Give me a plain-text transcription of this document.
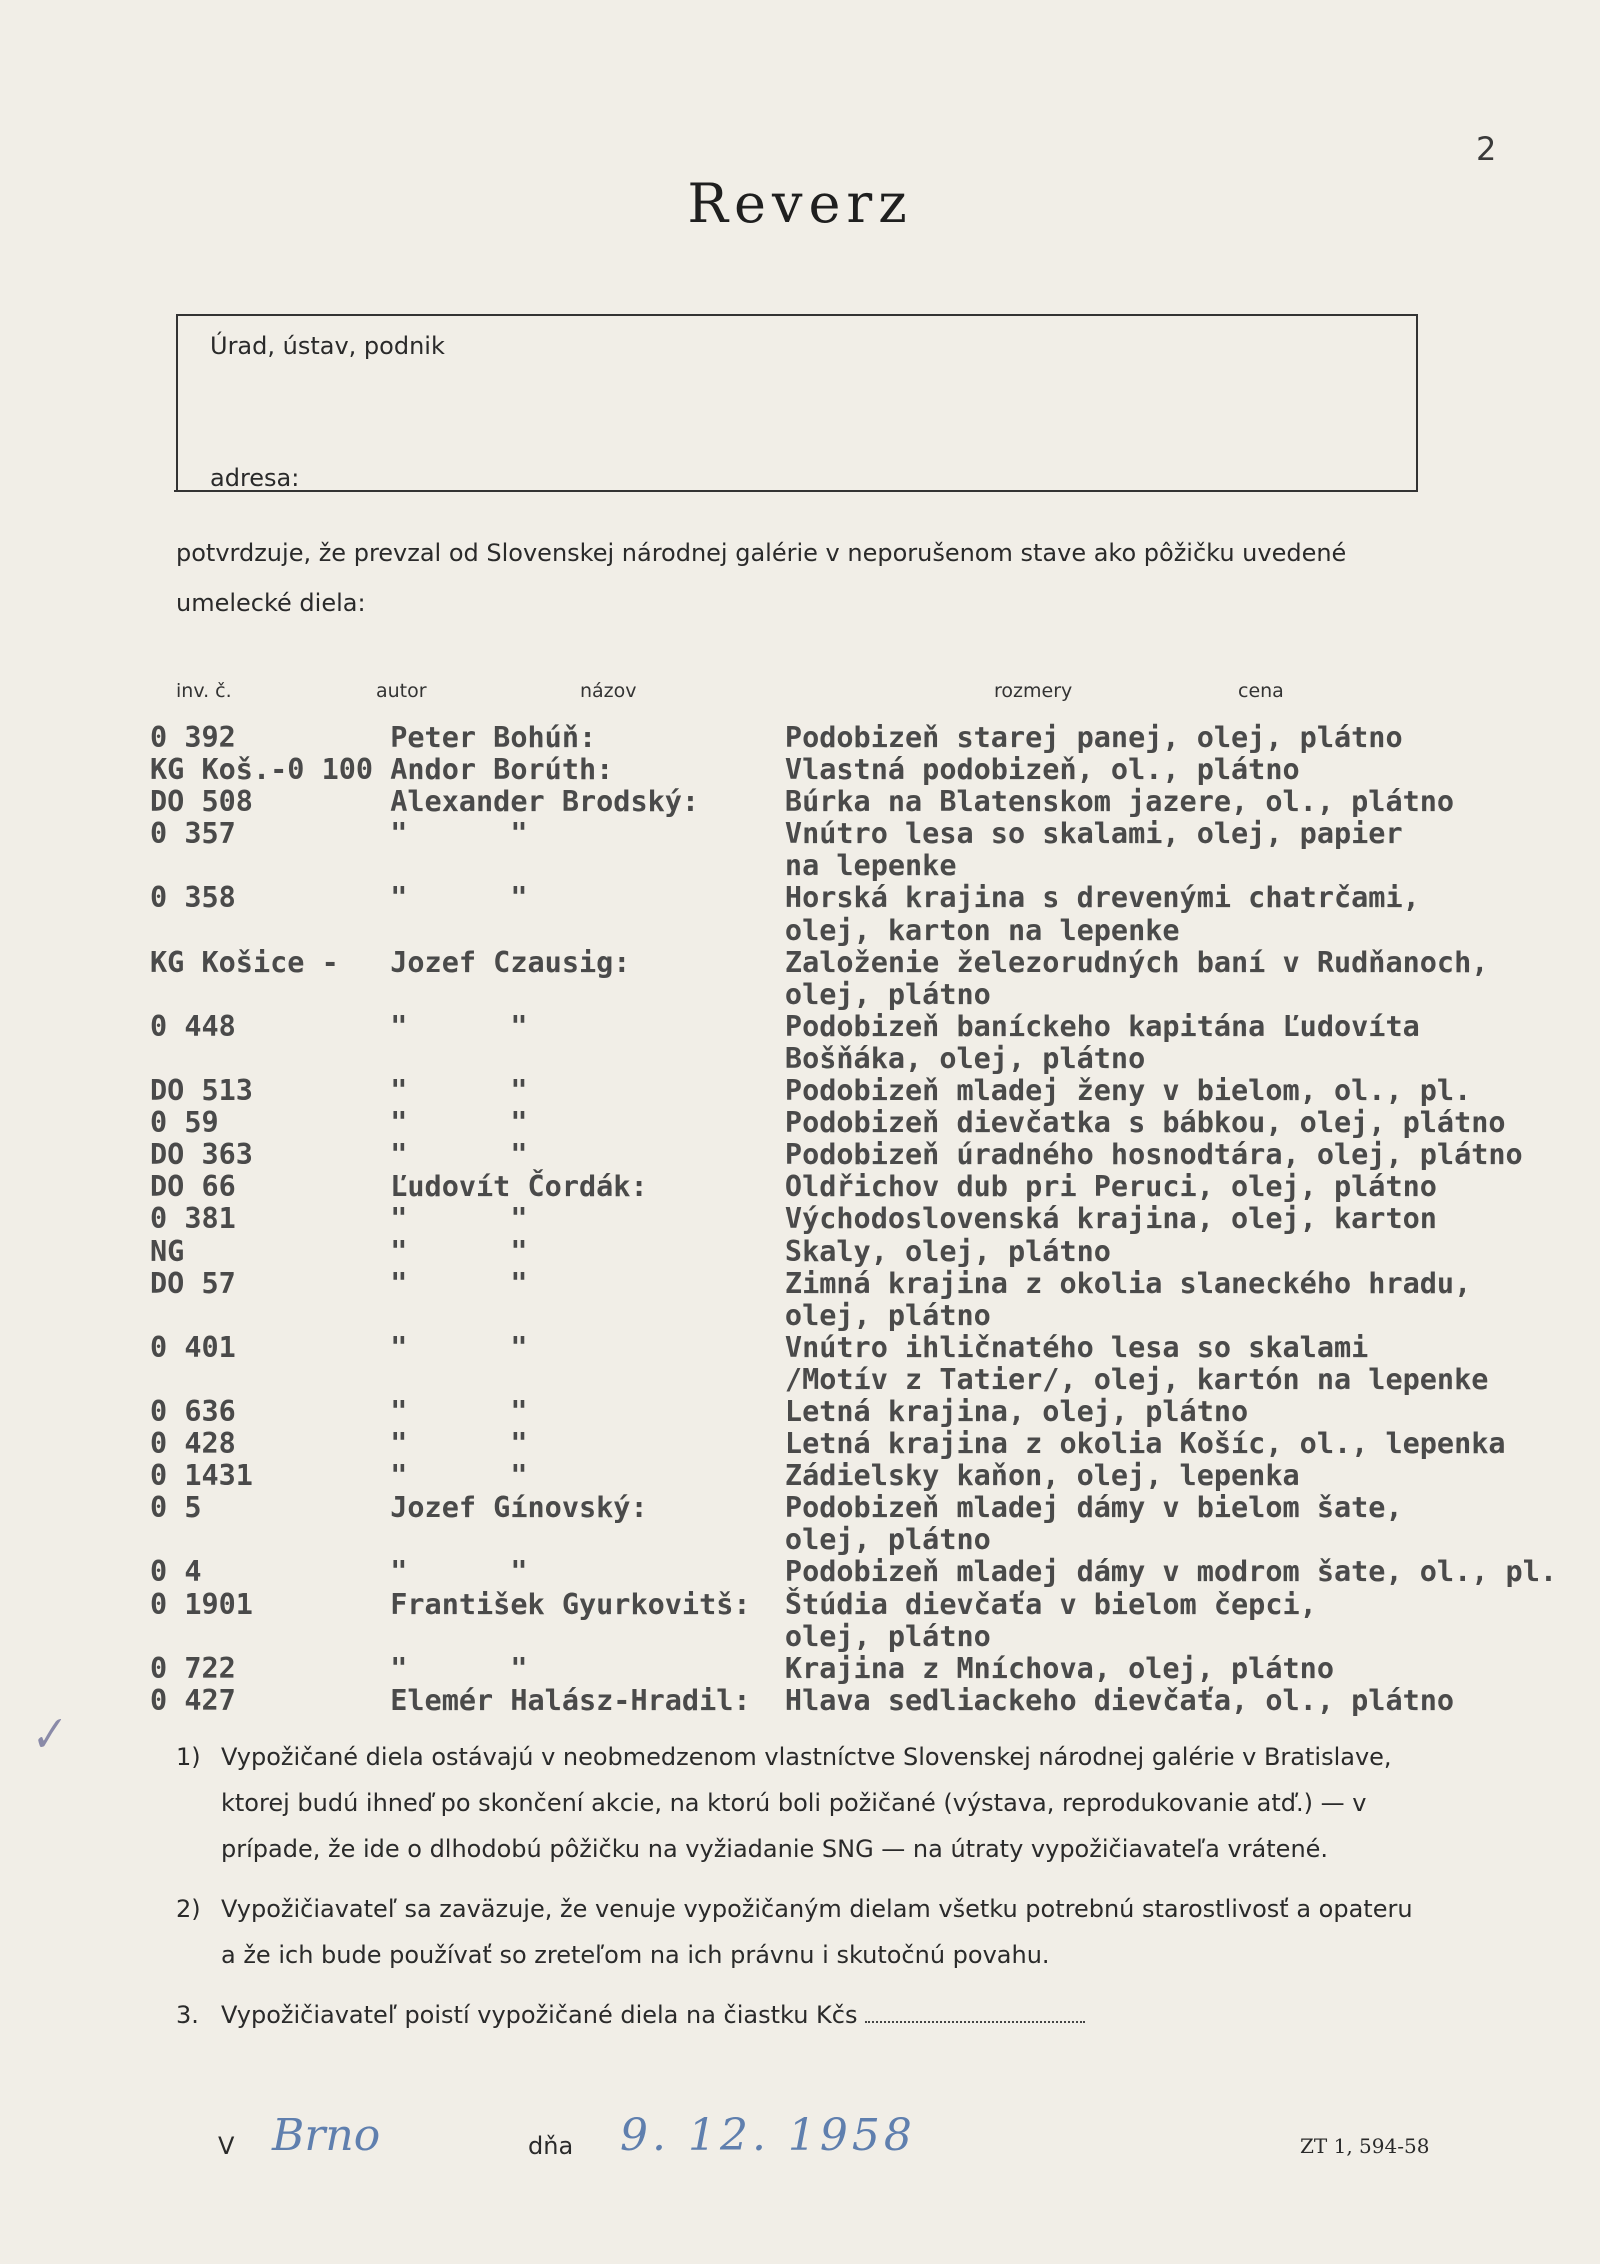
2
Reverz
Úrad, ústav, podnik
adresa:
potvrdzuje, že prevzal od Slovenskej národnej galérie v neporušenom stave ako pôžičku uvedené umelecké diela:
inv. č.	autor	názov	rozmery	cena
0 392         Peter Bohúň:           Podobizeň starej panej, olej, plátno
KG Koš.-0 100 Andor Borúth:          Vlastná podobizeň, ol., plátno
DO 508        Alexander Brodský:     Búrka na Blatenskom jazere, ol., plátno
0 357         "      "               Vnútro lesa so skalami, olej, papier
na lepenke
0 358         "      "               Horská krajina s drevenými chatrčami,
olej, karton na lepenke
KG Košice -   Jozef Czausig:         Založenie železorudných baní v Rudňanoch,
olej, plátno
0 448         "      "               Podobizeň baníckeho kapitána Ľudovíta
Bošňáka, olej, plátno
DO 513        "      "               Podobizeň mladej ženy v bielom, ol., pl.
0 59          "      "               Podobizeň dievčatka s bábkou, olej, plátno
DO 363        "      "               Podobizeň úradného hosnodtára, olej, plátno
DO 66         Ľudovít Čordák:        Oldřichov dub pri Peruci, olej, plátno
0 381         "      "               Východoslovenská krajina, olej, karton
NG            "      "               Skaly, olej, plátno
DO 57         "      "               Zimná krajina z okolia slaneckého hradu,
olej, plátno
0 401         "      "               Vnútro ihličnatého lesa so skalami
/Motív z Tatier/, olej, kartón na lepenke
0 636         "      "               Letná krajina, olej, plátno
0 428         "      "               Letná krajina z okolia Košíc, ol., lepenka
0 1431        "      "               Zádielsky kaňon, olej, lepenka
0 5           Jozef Gínovský:        Podobizeň mladej dámy v bielom šate,
olej, plátno
0 4           "      "               Podobizeň mladej dámy v modrom šate, ol., pl.
0 1901        František Gyurkovitš:  Štúdia dievčaťa v bielom čepci,
olej, plátno
0 722         "      "               Krajina z Mníchova, olej, plátno
0 427         Elemér Halász-Hradil:  Hlava sedliackeho dievčaťa, ol., plátno
1) Vypožičané diela ostávajú v neobmedzenom vlastníctve Slovenskej národnej galérie v Bratislave, ktorej budú ihneď po skončení akcie, na ktorú boli požičané (výstava, reprodukovanie atď.) — v prípade, že ide o dlhodobú pôžičku na vyžiadanie SNG — na útraty vypožičiavateľa vrátené.
2) Vypožičiavateľ sa zaväzuje, že venuje vypožičaným dielam všetku potrebnú starostlivosť a opateru a že ich bude používať so zreteľom na ich právnu i skutočnú povahu.
3. Vypožičiavateľ poistí vypožičané diela na čiastku Kčs
V Brno	dňa 9. 12. 1958	ZT 1, 594-58
✓
